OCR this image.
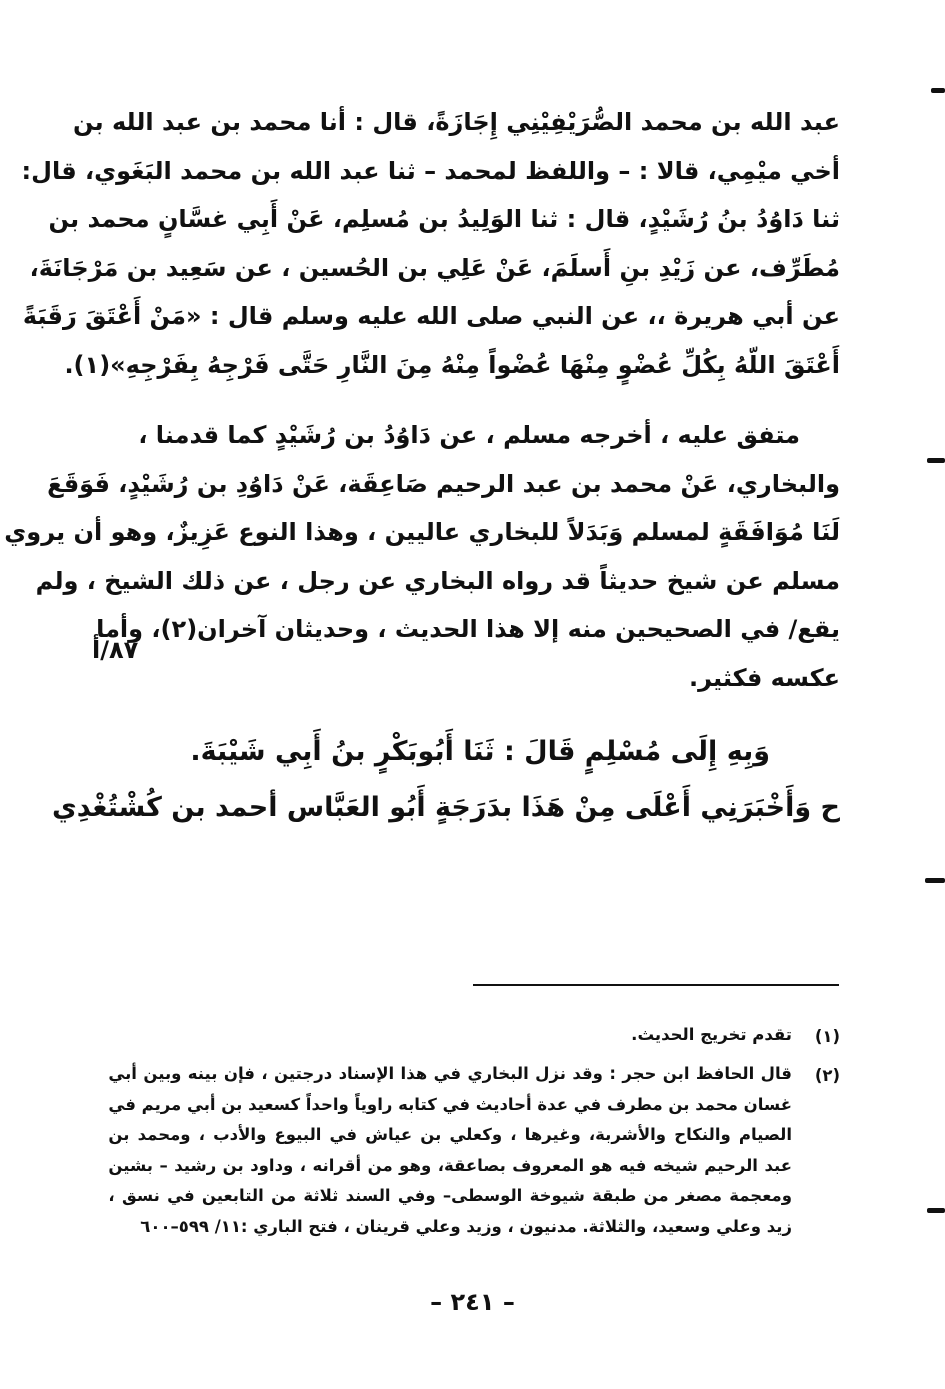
عبد الله بن محمد الصُّرَيْفِيْنِي إِجَازَةً، قال : أنا محمد بن عبد الله بن
أخي ميْمِي، قالا : – واللفظ لمحمد – ثنا عبد الله بن محمد البَغَوي، قال:
ثنا دَاوُدُ بنُ رُشَيْدٍ، قال : ثنا الوَلِيدُ بن مُسلِم، عَنْ أَبِي غسَّانٍ محمد بن
مُطَرِّف، عن زَيْدِ بنِ أَسلَمَ، عَنْ عَلِي بن الحُسين ، عن سَعِيد بن مَرْجَانَةَ،
عن أبي هريرة ،، عن النبي صلى الله عليه وسلم قال : «مَنْ أَعْتَقَ رَقَبَةً
أَعْتَقَ اللّهُ بِكُلِّ عُضْوٍ مِنْهَا عُضْواً مِنْهُ مِنَ النَّارِ حَتَّى فَرْجِهُ بِفَرْجِهِ»(١).
متفق عليه ، أخرجه مسلم ، عن دَاوُدُ بن رُشَيْدٍ كما قدمنا ،
والبخاري، عَنْ محمد بن عبد الرحيم صَاعِقَة، عَنْ دَاوُدِ بن رُشَيْدٍ، فَوَقَعَ
لَنَا مُوَافَقَةٍ لمسلم وَبَدَلاً للبخاري عاليين ، وهذا النوع عَزِيزٌ، وهو أن يروي
مسلم عن شيخ حديثاً قد رواه البخاري عن رجل ، عن ذلك الشيخ ، ولم
يقع/ في الصحيحين منه إلا هذا الحديث ، وحديثان آخران(٢)، وأما
عكسه فكثير.
وَبِهِ إِلَى مُسْلِمٍ قَالَ : ثَنَا أَبُوبَكْرٍ بنُ أَبِي شَيْبَةَ.
ح وَأَخْبَرَنِي أَعْلَى مِنْ هَذَا بدَرَجَةٍ أَبُو العَبَّاس أحمد بن كُشْتُغْدِي
٨٧/أ
(١)
تقدم تخريج الحديث.
(٢)
قال الحافظ ابن حجر : وقد نزل البخاري في هذا الإسناد درجتين ، فإن بينه وبين أبي
غسان محمد بن مطرف في عدة أحاديث في كتابه راوياً واحداً كسعيد بن أبي مريم في
الصيام والنكاح والأشربة، وغيرها ، وكعلي بن عياش في البيوع والأدب ، ومحمد بن
عبد الرحيم شيخه فيه هو المعروف بصاعقة، وهو من أقرانه ، وداود بن رشيد – بشين
ومعجمة مصغر من طبقة شيوخة الوسطى– وفي السند ثلاثة من التابعين في نسق ،
زيد وعلي وسعيد، والثلاثة. مدنيون ، وزيد وعلي قرينان ، فتح الباري :١١/ ٥٩٩–٦٠٠
– ٢٤١ –
